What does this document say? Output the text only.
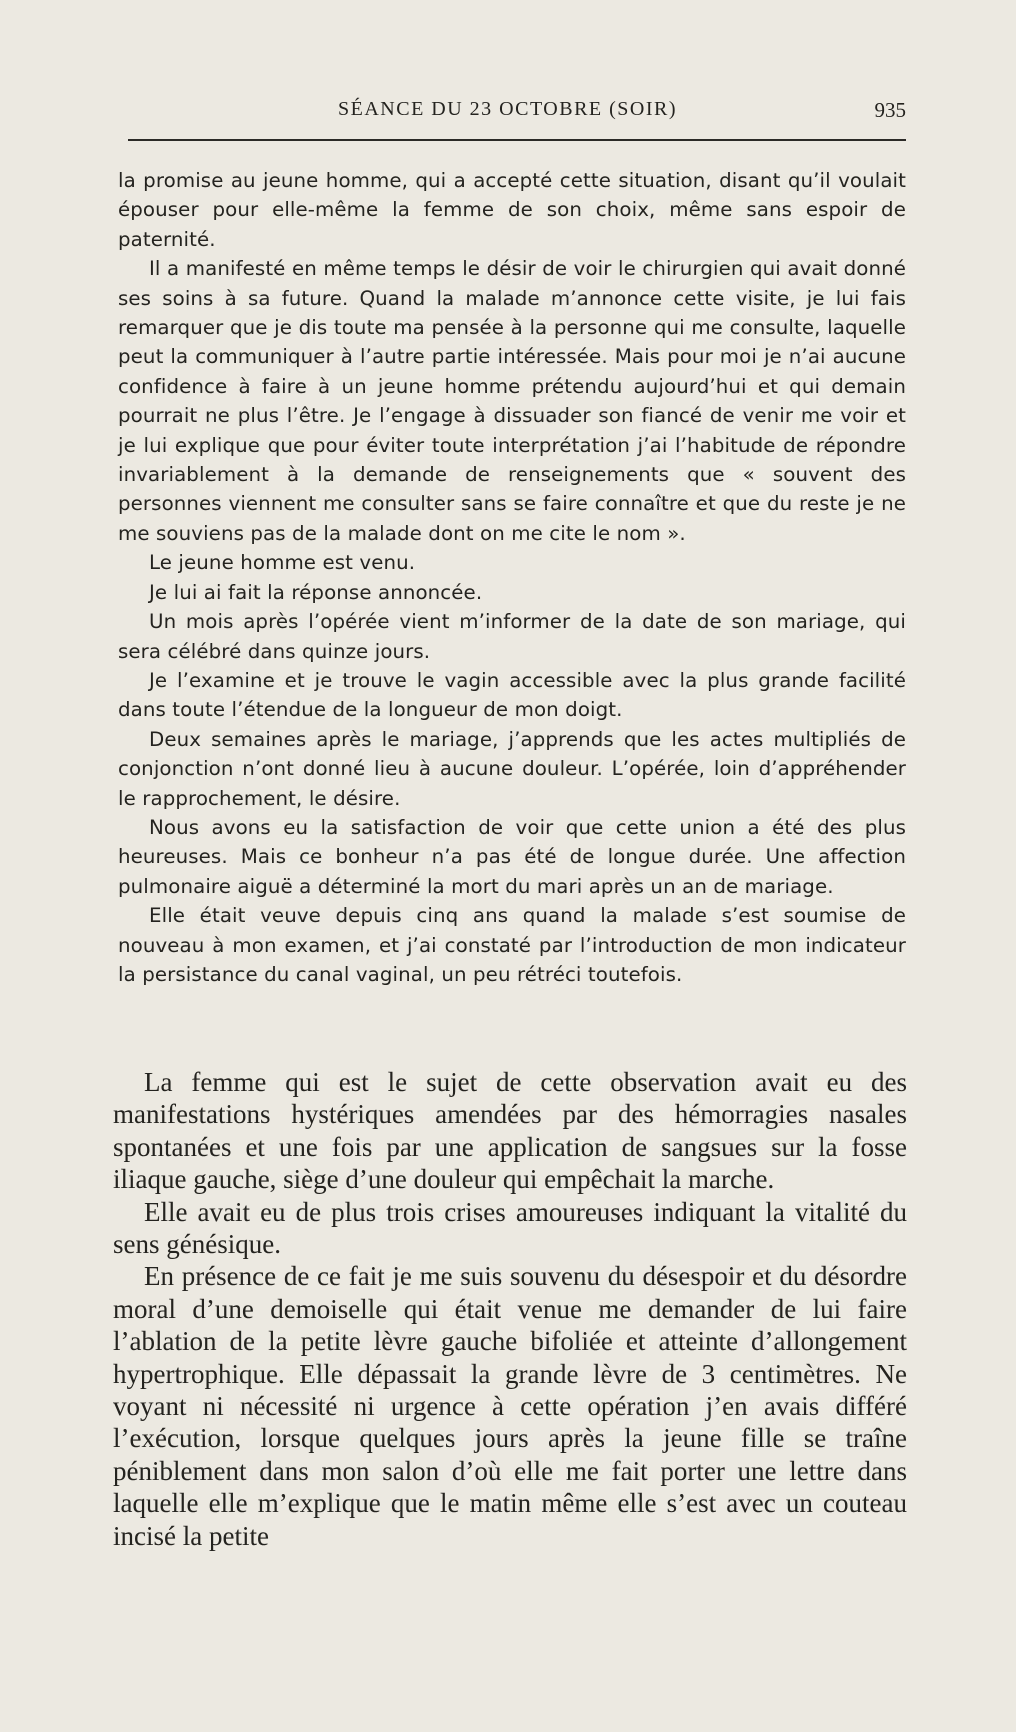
SÉANCE DU 23 OCTOBRE (SOIR)	935

la promise au jeune homme, qui a accepté cette situation, disant qu’il voulait épouser pour elle-même la femme de son choix, même sans espoir de paternité.

Il a manifesté en même temps le désir de voir le chirurgien qui avait donné ses soins à sa future. Quand la malade m’annonce cette visite, je lui fais remarquer que je dis toute ma pensée à la personne qui me consulte, laquelle peut la communiquer à l’autre partie intéressée. Mais pour moi je n’ai aucune confidence à faire à un jeune homme prétendu aujourd’hui et qui demain pourrait ne plus l’être. Je l’engage à dissuader son fiancé de venir me voir et je lui explique que pour éviter toute interprétation j’ai l’habitude de répondre invariablement à la demande de renseignements que « souvent des personnes viennent me consulter sans se faire connaître et que du reste je ne me souviens pas de la malade dont on me cite le nom ».

Le jeune homme est venu.

Je lui ai fait la réponse annoncée.

Un mois après l’opérée vient m’informer de la date de son mariage, qui sera célébré dans quinze jours.

Je l’examine et je trouve le vagin accessible avec la plus grande facilité dans toute l’étendue de la longueur de mon doigt.

Deux semaines après le mariage, j’apprends que les actes multipliés de conjonction n’ont donné lieu à aucune douleur. L’opérée, loin d’appréhender le rapprochement, le désire.

Nous avons eu la satisfaction de voir que cette union a été des plus heureuses. Mais ce bonheur n’a pas été de longue durée. Une affection pulmonaire aiguë a déterminé la mort du mari après un an de mariage.

Elle était veuve depuis cinq ans quand la malade s’est soumise de nouveau à mon examen, et j’ai constaté par l’introduction de mon indicateur la persistance du canal vaginal, un peu rétréci toutefois.

La femme qui est le sujet de cette observation avait eu des manifestations hystériques amendées par des hémorragies nasales spontanées et une fois par une application de sangsues sur la fosse iliaque gauche, siège d’une douleur qui empêchait la marche.

Elle avait eu de plus trois crises amoureuses indiquant la vitalité du sens génésique.

En présence de ce fait je me suis souvenu du désespoir et du désordre moral d’une demoiselle qui était venue me demander de lui faire l’ablation de la petite lèvre gauche bifoliée et atteinte d’allongement hypertrophique. Elle dépassait la grande lèvre de 3 centimètres. Ne voyant ni nécessité ni urgence à cette opération j’en avais différé l’exécution, lorsque quelques jours après la jeune fille se traîne péniblement dans mon salon d’où elle me fait porter une lettre dans laquelle elle m’explique que le matin même elle s’est avec un couteau incisé la petite
